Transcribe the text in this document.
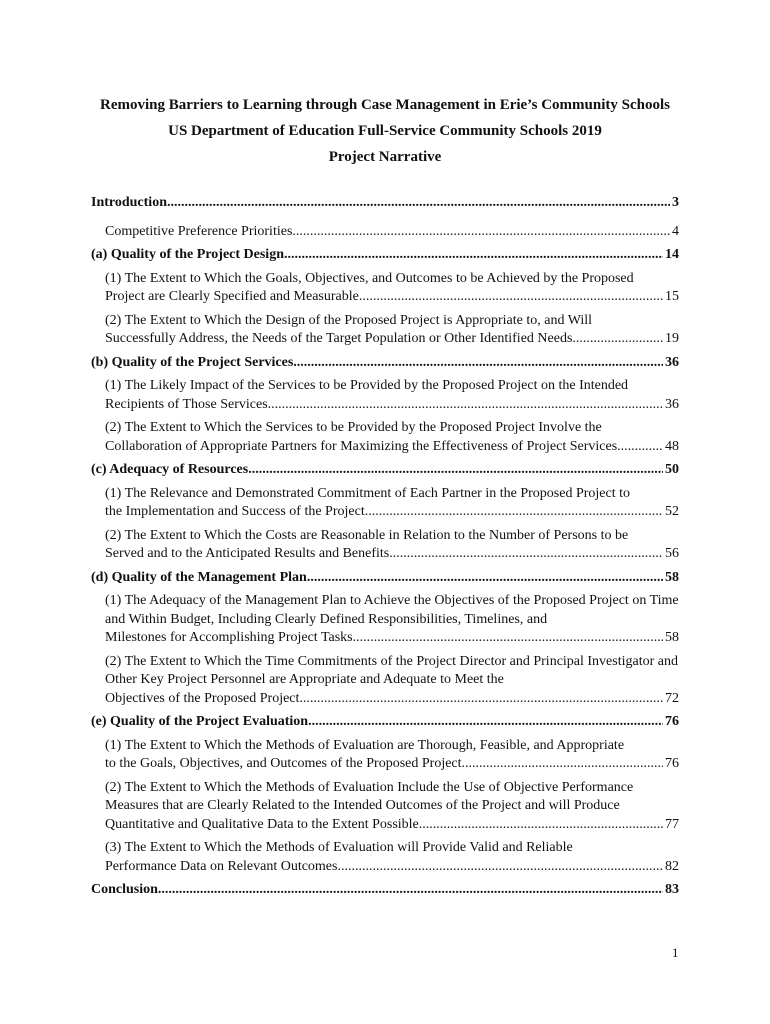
Removing Barriers to Learning through Case Management in Erie’s Community Schools
US Department of Education Full-Service Community Schools 2019
Project Narrative
Introduction .....	3
Competitive Preference Priorities .....	4
(a) Quality of the Project Design .....	14
(1) The Extent to Which the Goals, Objectives, and Outcomes to be Achieved by the Proposed
Project are Clearly Specified and Measurable .....	15
(2) The Extent to Which the Design of the Proposed Project is Appropriate to, and Will
Successfully Address, the Needs of the Target Population or Other Identified Needs .....	19
(b) Quality of the Project Services .....	36
(1) The Likely Impact of the Services to be Provided by the Proposed Project on the Intended
Recipients of Those Services .....	36
(2) The Extent to Which the Services to be Provided by the Proposed Project Involve the
Collaboration of Appropriate Partners for Maximizing the Effectiveness of Project Services .....	48
(c) Adequacy of Resources .....	50
(1) The Relevance and Demonstrated Commitment of Each Partner in the Proposed Project to
the Implementation and Success of the Project .....	52
(2) The Extent to Which the Costs are Reasonable in Relation to the Number of Persons to be
Served and to the Anticipated Results and Benefits .....	56
(d) Quality of the Management Plan .....	58
(1) The Adequacy of the Management Plan to Achieve the Objectives of the Proposed Project on Time and Within Budget, Including Clearly Defined Responsibilities, Timelines, and
Milestones for Accomplishing Project Tasks .....	58
(2) The Extent to Which the Time Commitments of the Project Director and Principal Investigator and Other Key Project Personnel are Appropriate and Adequate to Meet the
Objectives of the Proposed Project .....	72
(e) Quality of the Project Evaluation .....	76
(1) The Extent to Which the Methods of Evaluation are Thorough, Feasible, and Appropriate
to the Goals, Objectives, and Outcomes of the Proposed Project .....	76
(2) The Extent to Which the Methods of Evaluation Include the Use of Objective Performance Measures that are Clearly Related to the Intended Outcomes of the Project and will Produce
Quantitative and Qualitative Data to the Extent Possible .....	77
(3) The Extent to Which the Methods of Evaluation will Provide Valid and Reliable
Performance Data on Relevant Outcomes .....	82
Conclusion .....	83
1
